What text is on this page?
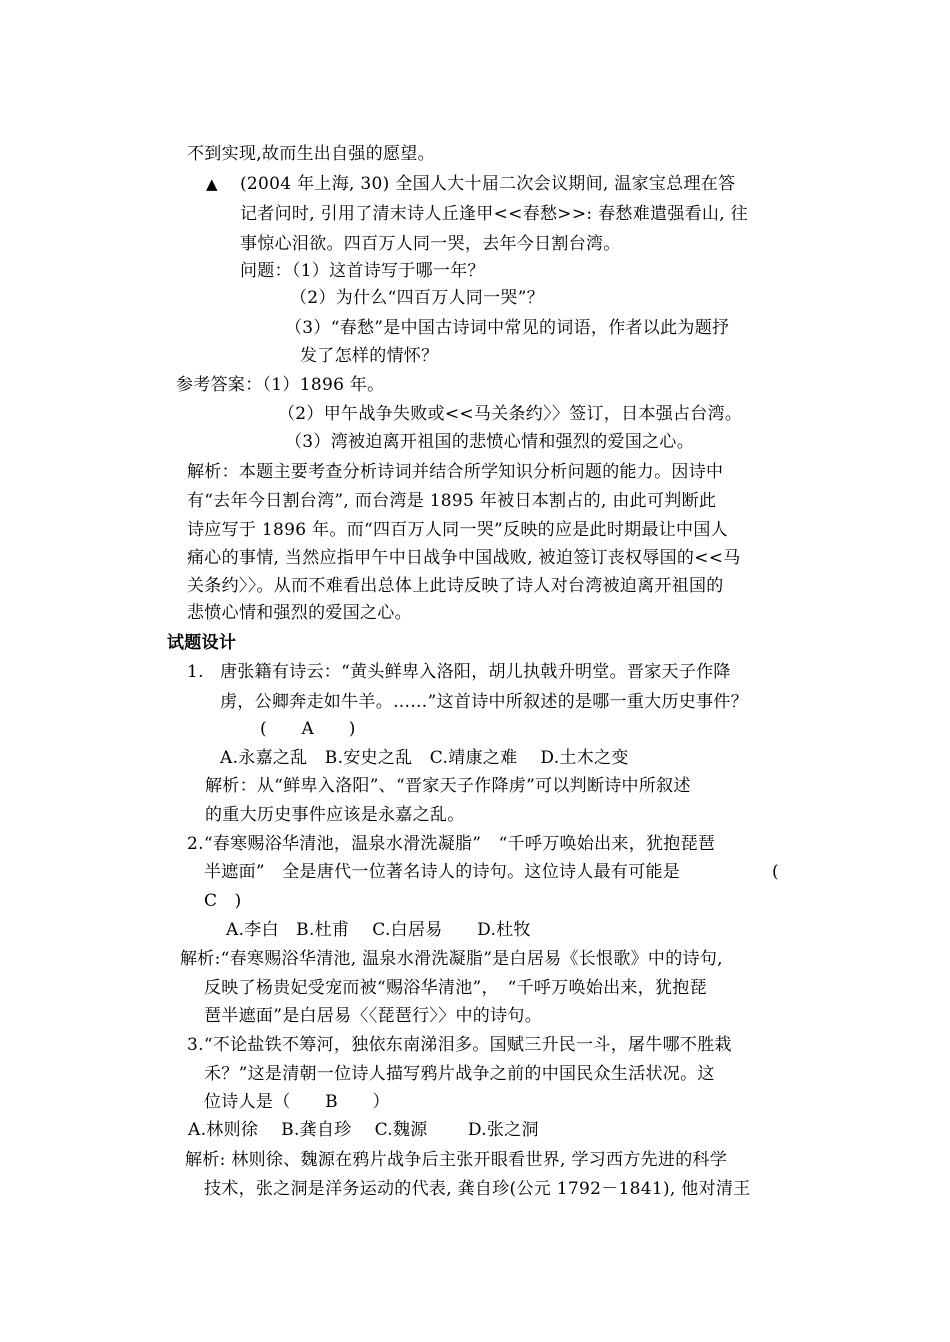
不到实现,故而生出自强的愿望。
▲ (2004 年上海, 30) 全国人大十届二次会议期间, 温家宝总理在答
记者问时, 引用了清末诗人丘逢甲<<春愁>>: 春愁难遣强看山, 往
事惊心泪欲。四百万人同一哭，去年今日割台湾。
问题：（1）这首诗写于哪一年？
（2）为什么“四百万人同一哭”？
（3）“春愁”是中国古诗词中常见的词语，作者以此为题抒
发了怎样的情怀？
参考答案：（1）1896 年。
（2）甲午战争失败或<<马关条约〉〉签订，日本强占台湾。
（3）湾被迫离开祖国的悲愤心情和强烈的爱国之心。
解析：本题主要考查分析诗词并结合所学知识分析问题的能力。因诗中
有“去年今日割台湾”, 而台湾是 1895 年被日本割占的, 由此可判断此
诗应写于 1896 年。而“四百万人同一哭”反映的应是此时期最让中国人
痛心的事情, 当然应指甲午中日战争中国战败, 被迫签订丧权辱国的<<马
关条约〉〉。从而不难看出总体上此诗反映了诗人对台湾被迫离开祖国的
悲愤心情和强烈的爱国之心。
试题设计
1. 唐张籍有诗云：“黄头鲜卑入洛阳，胡儿执戟升明堂。晋家天子作降
虏，公卿奔走如牛羊。……”这首诗中所叙述的是哪一重大历史事件？
(　　A　　)
A.永嘉之乱　B.安史之乱　C.靖康之难　 D.土木之变
解析：从“鲜卑入洛阳”、“晋家天子作降虏”可以判断诗中所叙述
的重大历史事件应该是永嘉之乱。
2.“春寒赐浴华清池，温泉水滑洗凝脂”　“千呼万唤始出来，犹抱琵琶
半遮面”　全是唐代一位著名诗人的诗句。这位诗人最有可能是	(
C　)
A.李白　B.杜甫　 C.白居易　　D.杜牧
解析:“春寒赐浴华清池, 温泉水滑洗凝脂”是白居易《长恨歌》中的诗句,
反映了杨贵妃受宠而被“赐浴华清池”，　“千呼万唤始出来，犹抱琵
琶半遮面”是白居易〈〈琵琶行〉〉中的诗句。
3.“不论盐铁不筹河，独依东南涕泪多。国赋三升民一斗，屠牛哪不胜栽
禾？”这是清朝一位诗人描写鸦片战争之前的中国民众生活状况。这
位诗人是（　　B　　）
A.林则徐　 B.龚自珍　 C.魏源　　 D.张之洞
解析: 林则徐、魏源在鸦片战争后主张开眼看世界, 学习西方先进的科学
技术，张之洞是洋务运动的代表, 龚自珍(公元 1792－1841), 他对清王
